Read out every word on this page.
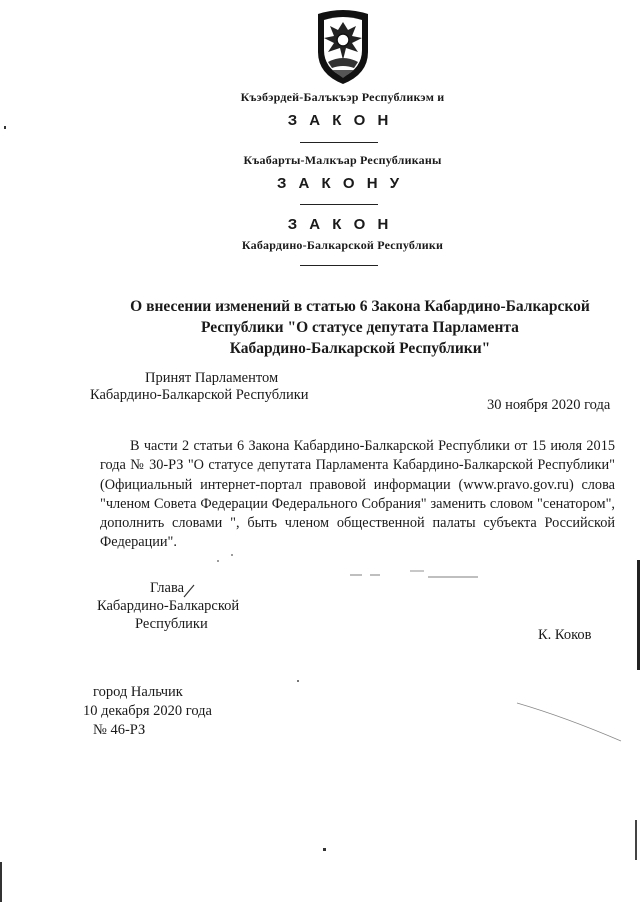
Къэбэрдей-Балъкъэр Республикэм и
З А К О Н
Къабарты-Малкъар Республиканы
З А К О Н У
З А К О Н
Кабардино-Балкарской Республики
О внесении изменений в статью 6 Закона Кабардино-Балкарской
Республики "О статусе депутата Парламента
Кабардино-Балкарской Республики"
Принят Парламентом
Кабардино-Балкарской Республики
30 ноября 2020 года

В части 2 статьи 6 Закона Кабардино-Балкарской Республики от 15 июля 2015 года № 30-РЗ "О статусе депутата Парламента Кабардино-Балкарской Республики" (Официальный интернет-портал правовой информации (www.pravo.gov.ru) слова "членом Совета Федерации Федерального Собрания" заменить словом "сенатором", дополнить словами ", быть членом общественной палаты субъекта Российской Федерации".

Глава
Кабардино-Балкарской
Республики
К. Коков
город Нальчик
10 декабря 2020 года
№ 46-РЗ
